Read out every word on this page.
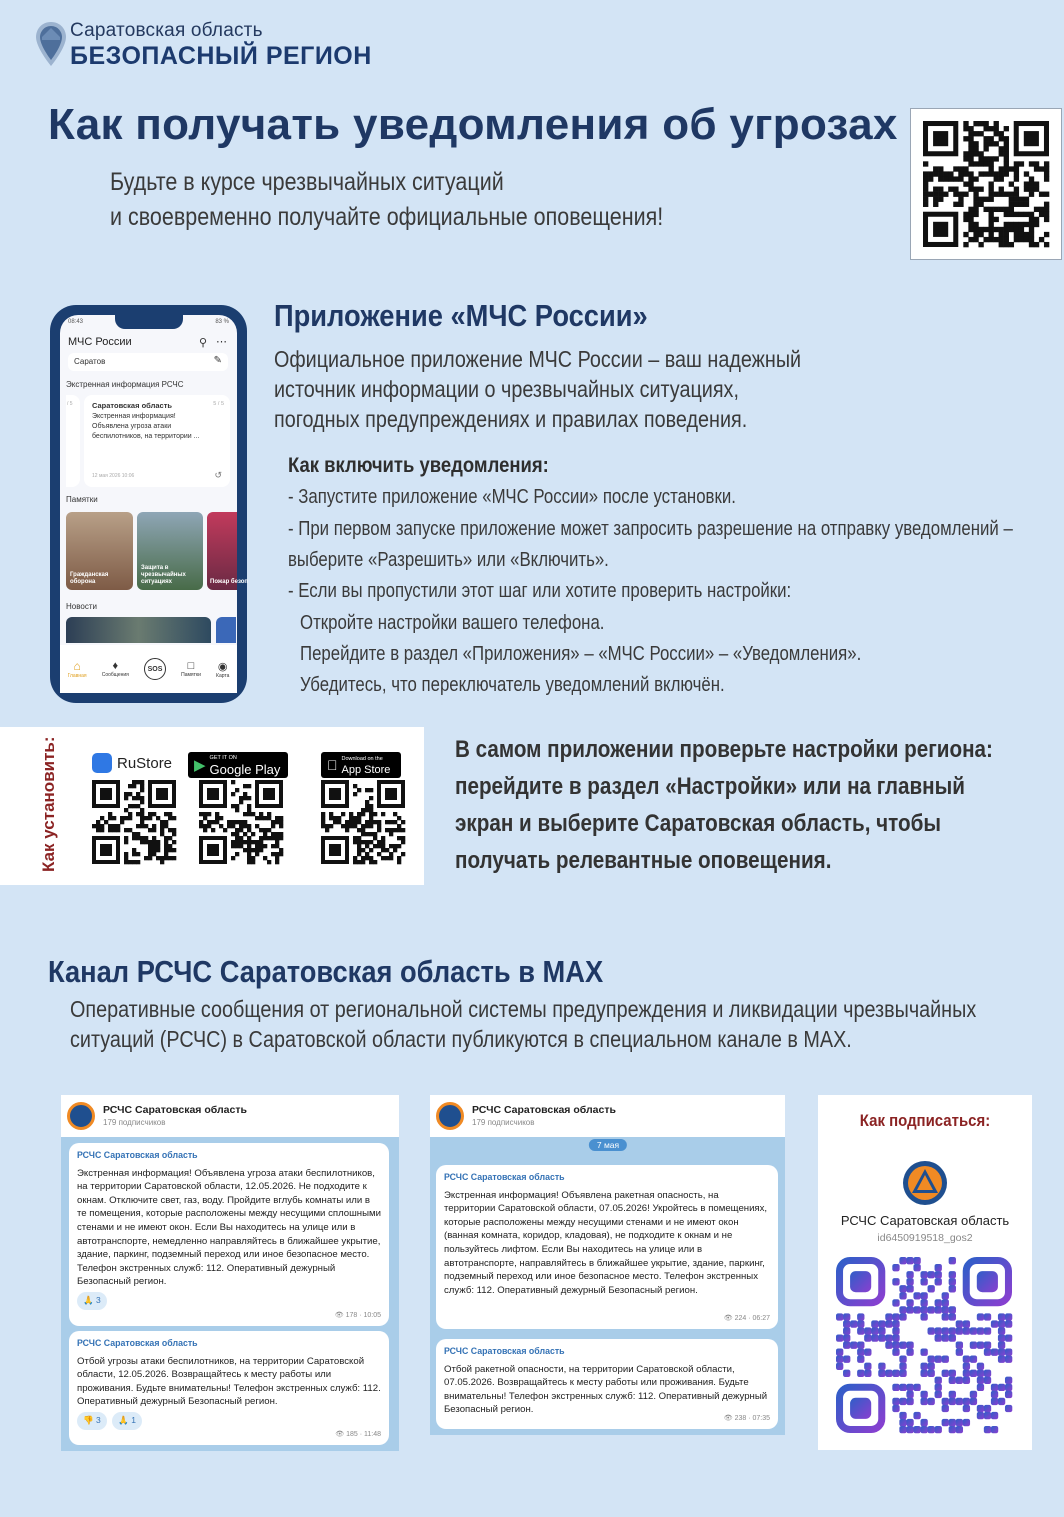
Саратовская область
БЕЗОПАСНЫЙ РЕГИОН
Как получать уведомления об угрозах
Будьте в курсе чрезвычайных ситуаций
и своевременно получайте официальные оповещения!
08:43	83 %
МЧС России	⚲ ⋯
Саратов	✎
Экстренная информация РСЧС
/ 5	Саратовская область	5 / 5
Экстренная информация!
Объявлена угроза атаки
беспилотников, на территории ...
12 мая 2026 10:06	↺
Памятки
Гражданская оборона
Защита в чрезвычайных ситуациях	Пожар безоп
Новости
⌂
Главная
♦
Сообщения
SOS	□
Памятки
◉
Карта
Приложение «МЧС России»
Официальное приложение МЧС России – ваш надежный
источник информации о чрезвычайных ситуациях,
погодных предупреждениях и правилах поведения.
Как включить уведомления:
- Запустите приложение «МЧС России» после установки.
- При первом запуске приложение может запросить разрешение на отправку уведомлений –
выберите «Разрешить» или «Включить».
- Если вы пропустили этот шаг или хотите проверить настройки:
Откройте настройки вашего телефона.
Перейдите в раздел «Приложения» – «МЧС России» – «Уведомления».
Убедитесь, что переключатель уведомлений включён.
Как установить:	RuStore ▶ GET IT ON
Google Play
Download on the
App Store
В самом приложении проверьте настройки региона:
перейдите в раздел «Настройки» или на главный
экран и выберите Саратовская область, чтобы
получать релевантные оповещения.
Канал РСЧС Саратовская область в MAX
Оперативные сообщения от региональной системы предупреждения и ликвидации чрезвычайных
ситуаций (РСЧС) в Саратовской области публикуются в специальном канале в MAX.
РСЧС Саратовская область
179 подписчиков
РСЧС Саратовская область
Экстренная информация! Объявлена угроза атаки беспилотников, на территории Саратовской области, 12.05.2026. Не подходите к окнам. Отключите свет, газ, воду. Пройдите вглубь комнаты или в те помещения, которые расположены между несущими сплошными стенами и не имеют окон. Если Вы находитесь на улице или в автотранспорте, немедленно направляйтесь в ближайшее укрытие, здание, паркинг, подземный переход или иное безопасное место. Телефон экстренных служб: 112. Оперативный дежурный Безопасный регион.
🙏 3
👁 178 · 10:05
РСЧС Саратовская область
Отбой угрозы атаки беспилотников, на территории Саратовской области, 12.05.2026. Возвращайтесь к месту работы или проживания. Будьте внимательны! Телефон экстренных служб: 112. Оперативный дежурный Безопасный регион.
👎 3 🙏 1
👁 185 · 11:48
РСЧС Саратовская область
179 подписчиков
7 мая
РСЧС Саратовская область
Экстренная информация! Объявлена ракетная опасность, на территории Саратовской области, 07.05.2026! Укройтесь в помещениях, которые расположены между несущими стенами и не имеют окон (ванная комната, коридор, кладовая), не подходите к окнам и не пользуйтесь лифтом. Если Вы находитесь на улице или в автотранспорте, направляйтесь в ближайшее укрытие, здание, паркинг, подземный переход или иное безопасное место. Телефон экстренных служб: 112. Оперативный дежурный Безопасный регион.
👁 224 · 06:27
РСЧС Саратовская область
Отбой ракетной опасности, на территории Саратовской области, 07.05.2026. Возвращайтесь к месту работы или проживания. Будьте внимательны! Телефон экстренных служб: 112. Оперативный дежурный Безопасный регион.
👁 238 · 07:35
Как подписаться:
РСЧС Саратовская область
id6450919518_gos2
